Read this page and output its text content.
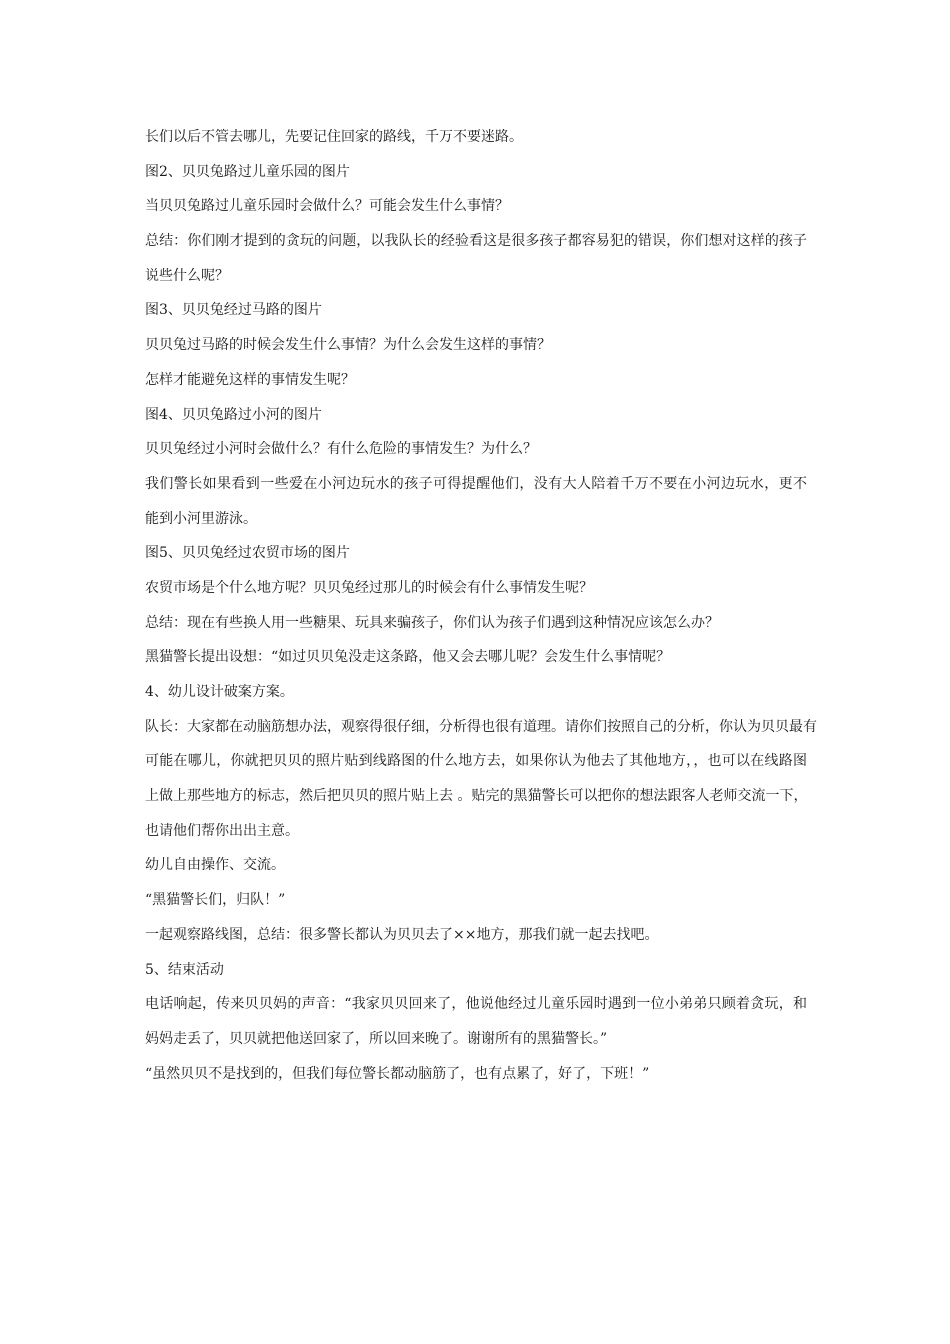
长们以后不管去哪儿，先要记住回家的路线，千万不要迷路。
图2、贝贝兔路过儿童乐园的图片
当贝贝兔路过儿童乐园时会做什么？可能会发生什么事情？
总结：你们刚才提到的贪玩的问题，以我队长的经验看这是很多孩子都容易犯的错误，你们想对这样的孩子
说些什么呢？
图3、贝贝兔经过马路的图片
贝贝兔过马路的时候会发生什么事情？为什么会发生这样的事情？
怎样才能避免这样的事情发生呢？
图4、贝贝兔路过小河的图片
贝贝兔经过小河时会做什么？有什么危险的事情发生？为什么？
我们警长如果看到一些爱在小河边玩水的孩子可得提醒他们，没有大人陪着千万不要在小河边玩水，更不
能到小河里游泳。
图5、贝贝兔经过农贸市场的图片
农贸市场是个什么地方呢？贝贝兔经过那儿的时候会有什么事情发生呢？
总结：现在有些换人用一些糖果、玩具来骗孩子，你们认为孩子们遇到这种情况应该怎么办？
黑猫警长提出设想：“如过贝贝兔没走这条路，他又会去哪儿呢？会发生什么事情呢？
4、幼儿设计破案方案。
队长：大家都在动脑筋想办法，观察得很仔细，分析得也很有道理。请你们按照自己的分析，你认为贝贝最有
可能在哪儿，你就把贝贝的照片贴到线路图的什么地方去，如果你认为他去了其他地方，，也可以在线路图
上做上那些地方的标志，然后把贝贝的照片贴上去 。贴完的黑猫警长可以把你的想法跟客人老师交流一下，
也请他们帮你出出主意。
幼儿自由操作、交流。
“黑猫警长们，归队！”
一起观察路线图，总结：很多警长都认为贝贝去了××地方，那我们就一起去找吧。
5、结束活动
电话响起，传来贝贝妈的声音：“我家贝贝回来了，他说他经过儿童乐园时遇到一位小弟弟只顾着贪玩，和
妈妈走丢了，贝贝就把他送回家了，所以回来晚了。谢谢所有的黑猫警长。”
“虽然贝贝不是找到的，但我们每位警长都动脑筋了，也有点累了，好了，下班！”
